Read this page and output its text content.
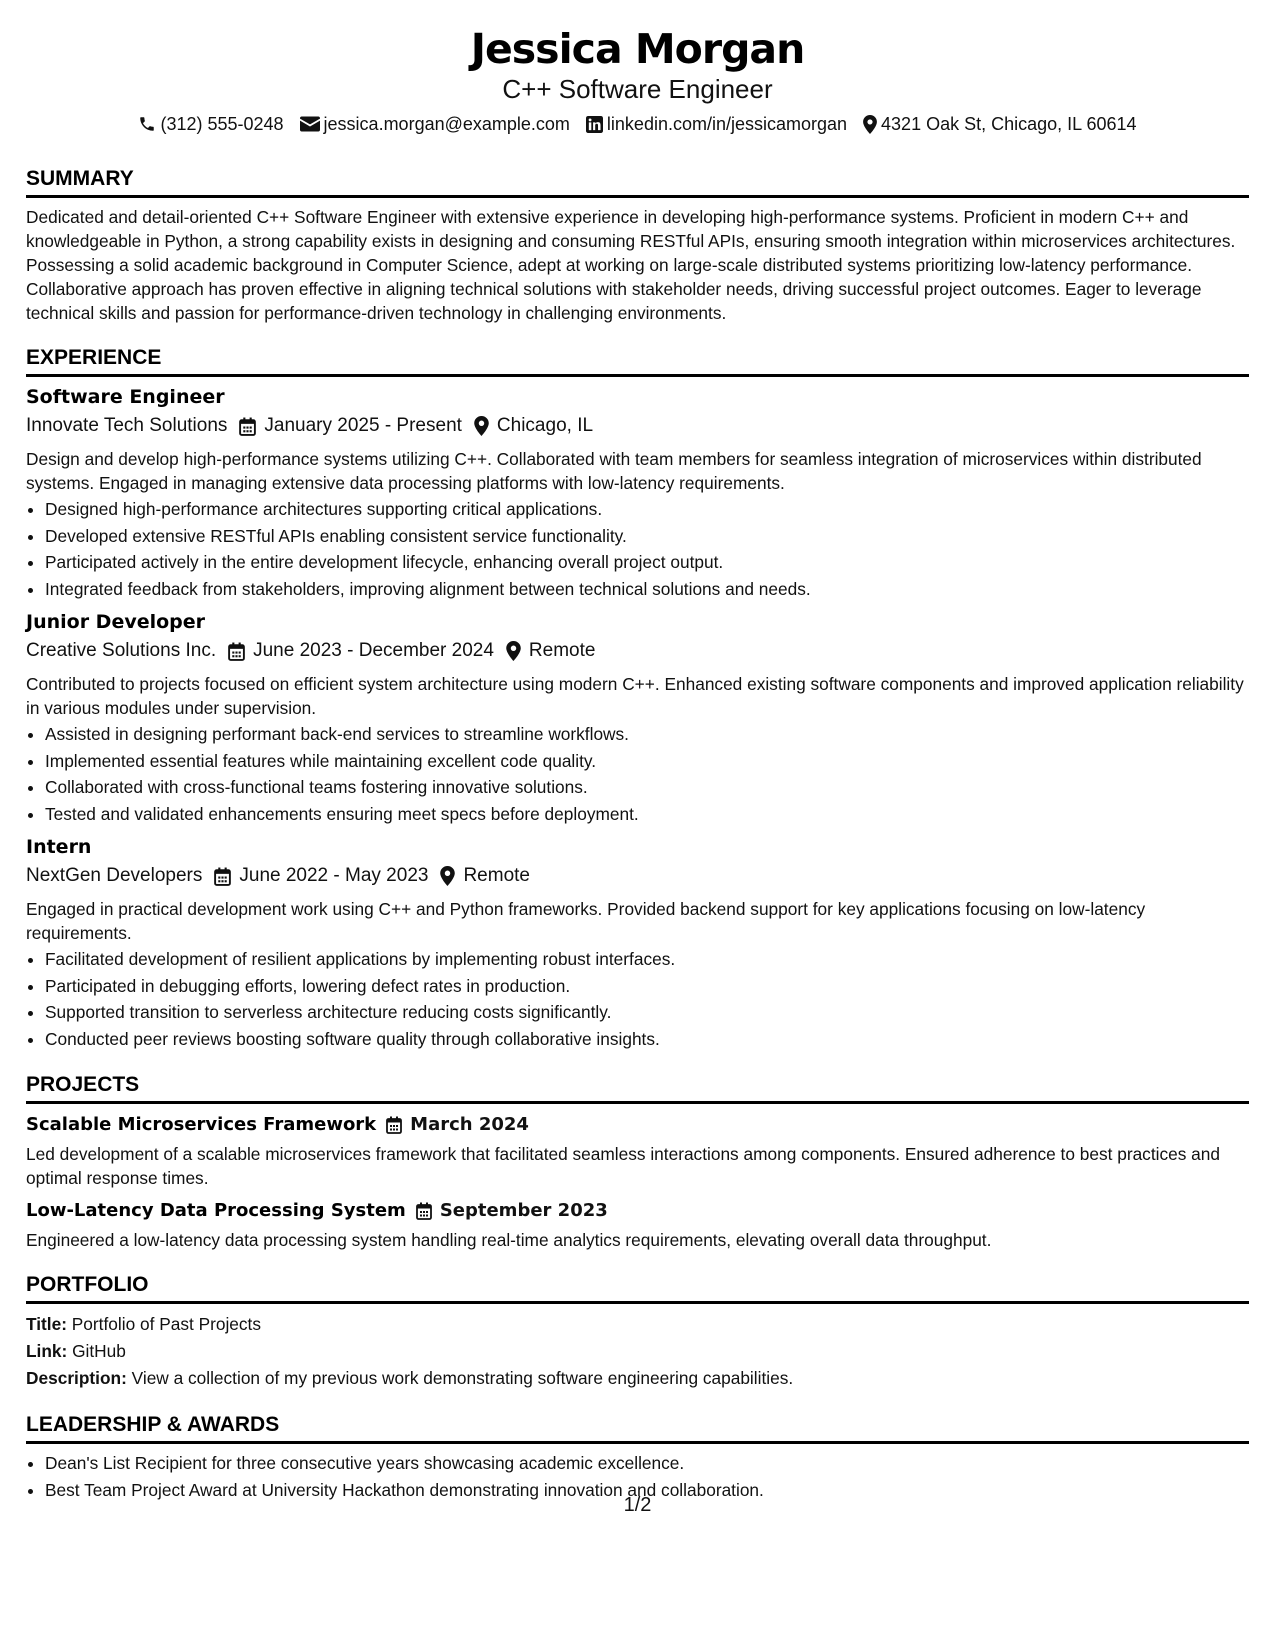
Jessica Morgan
C++ Software Engineer
(312) 555-0248 jessica.morgan@example.com linkedin.com/in/jessicamorgan 4321 Oak St, Chicago, IL 60614
SUMMARY
Dedicated and detail-oriented C++ Software Engineer with extensive experience in developing high-performance systems. Proficient in modern C++ and knowledgeable in Python, a strong capability exists in designing and consuming RESTful APIs, ensuring smooth integration within microservices architectures. Possessing a solid academic background in Computer Science, adept at working on large-scale distributed systems prioritizing low-latency performance. Collaborative approach has proven effective in aligning technical solutions with stakeholder needs, driving successful project outcomes. Eager to leverage technical skills and passion for performance-driven technology in challenging environments.
EXPERIENCE
Software Engineer
Innovate Tech Solutions January 2025 - Present Chicago, IL
Design and develop high-performance systems utilizing C++. Collaborated with team members for seamless integration of microservices within distributed systems. Engaged in managing extensive data processing platforms with low-latency requirements.
• Designed high-performance architectures supporting critical applications.
• Developed extensive RESTful APIs enabling consistent service functionality.
• Participated actively in the entire development lifecycle, enhancing overall project output.
• Integrated feedback from stakeholders, improving alignment between technical solutions and needs.
Junior Developer
Creative Solutions Inc. June 2023 - December 2024 Remote
Contributed to projects focused on efficient system architecture using modern C++. Enhanced existing software components and improved application reliability in various modules under supervision.
• Assisted in designing performant back-end services to streamline workflows.
• Implemented essential features while maintaining excellent code quality.
• Collaborated with cross-functional teams fostering innovative solutions.
• Tested and validated enhancements ensuring meet specs before deployment.
Intern
NextGen Developers June 2022 - May 2023 Remote
Engaged in practical development work using C++ and Python frameworks. Provided backend support for key applications focusing on low-latency requirements.
• Facilitated development of resilient applications by implementing robust interfaces.
• Participated in debugging efforts, lowering defect rates in production.
• Supported transition to serverless architecture reducing costs significantly.
• Conducted peer reviews boosting software quality through collaborative insights.
PROJECTS
Scalable Microservices Framework March 2024
Led development of a scalable microservices framework that facilitated seamless interactions among components. Ensured adherence to best practices and optimal response times.
Low-Latency Data Processing System September 2023
Engineered a low-latency data processing system handling real-time analytics requirements, elevating overall data throughput.
PORTFOLIO
Title: Portfolio of Past Projects
Link: GitHub
Description: View a collection of my previous work demonstrating software engineering capabilities.
LEADERSHIP & AWARDS
• Dean's List Recipient for three consecutive years showcasing academic excellence.
• Best Team Project Award at University Hackathon demonstrating innovation and collaboration.
1/2
